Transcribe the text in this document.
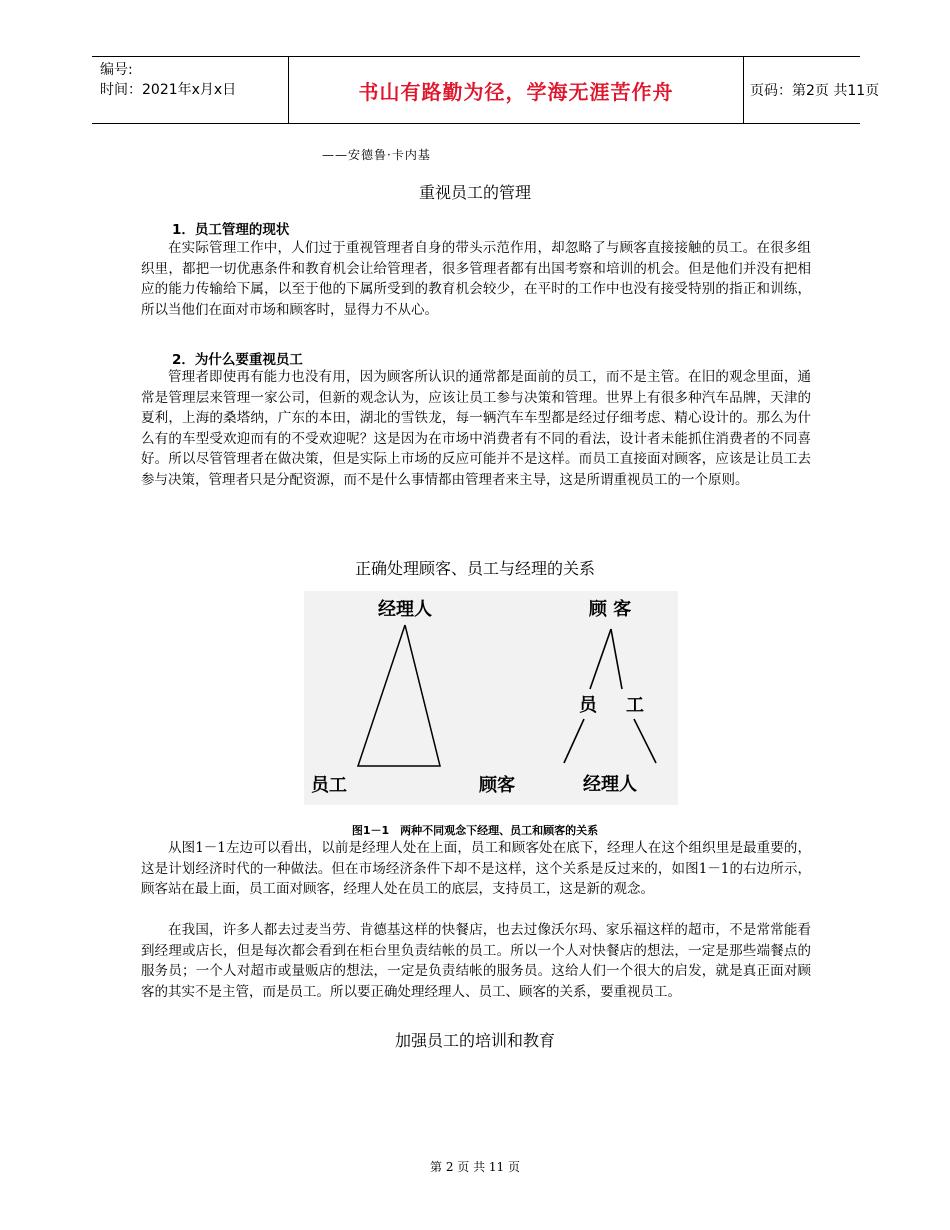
编号:
时间：2021年x月x日	书山有路勤为径，学海无涯苦作舟	页码：第2页 共11页
——安德鲁·卡内基
重视员工的管理
1．员工管理的现状

在实际管理工作中，人们过于重视管理者自身的带头示范作用，却忽略了与顾客直接接触的员工。在很多组织里，都把一切优惠条件和教育机会让给管理者，很多管理者都有出国考察和培训的机会。但是他们并没有把相应的能力传输给下属，以至于他的下属所受到的教育机会较少，在平时的工作中也没有接受特别的指正和训练，所以当他们在面对市场和顾客时，显得力不从心。

2．为什么要重视员工

管理者即使再有能力也没有用，因为顾客所认识的通常都是面前的员工，而不是主管。在旧的观念里面，通常是管理层来管理一家公司，但新的观念认为，应该让员工参与决策和管理。世界上有很多种汽车品牌，天津的夏利，上海的桑塔纳，广东的本田，湖北的雪铁龙，每一辆汽车车型都是经过仔细考虑、精心设计的。那么为什么有的车型受欢迎而有的不受欢迎呢？这是因为在市场中消费者有不同的看法，设计者未能抓住消费者的不同喜好。所以尽管管理者在做决策，但是实际上市场的反应可能并不是这样。而员工直接面对顾客，应该是让员工去参与决策，管理者只是分配资源，而不是什么事情都由管理者来主导，这是所谓重视员工的一个原则。

正确处理顾客、员工与经理的关系
经理人
员工	顾客
顾 客
员 工
经理人
图1－1　两种不同观念下经理、员工和顾客的关系

从图1－1左边可以看出，以前是经理人处在上面，员工和顾客处在底下，经理人在这个组织里是最重要的，这是计划经济时代的一种做法。但在市场经济条件下却不是这样，这个关系是反过来的，如图1－1的右边所示，顾客站在最上面，员工面对顾客，经理人处在员工的底层，支持员工，这是新的观念。

在我国，许多人都去过麦当劳、肯德基这样的快餐店，也去过像沃尔玛、家乐福这样的超市，不是常常能看到经理或店长，但是每次都会看到在柜台里负责结帐的员工。所以一个人对快餐店的想法，一定是那些端餐点的服务员；一个人对超市或量贩店的想法，一定是负责结帐的服务员。这给人们一个很大的启发，就是真正面对顾客的其实不是主管，而是员工。所以要正确处理经理人、员工、顾客的关系，要重视员工。

加强员工的培训和教育
第 2 页 共 11 页
